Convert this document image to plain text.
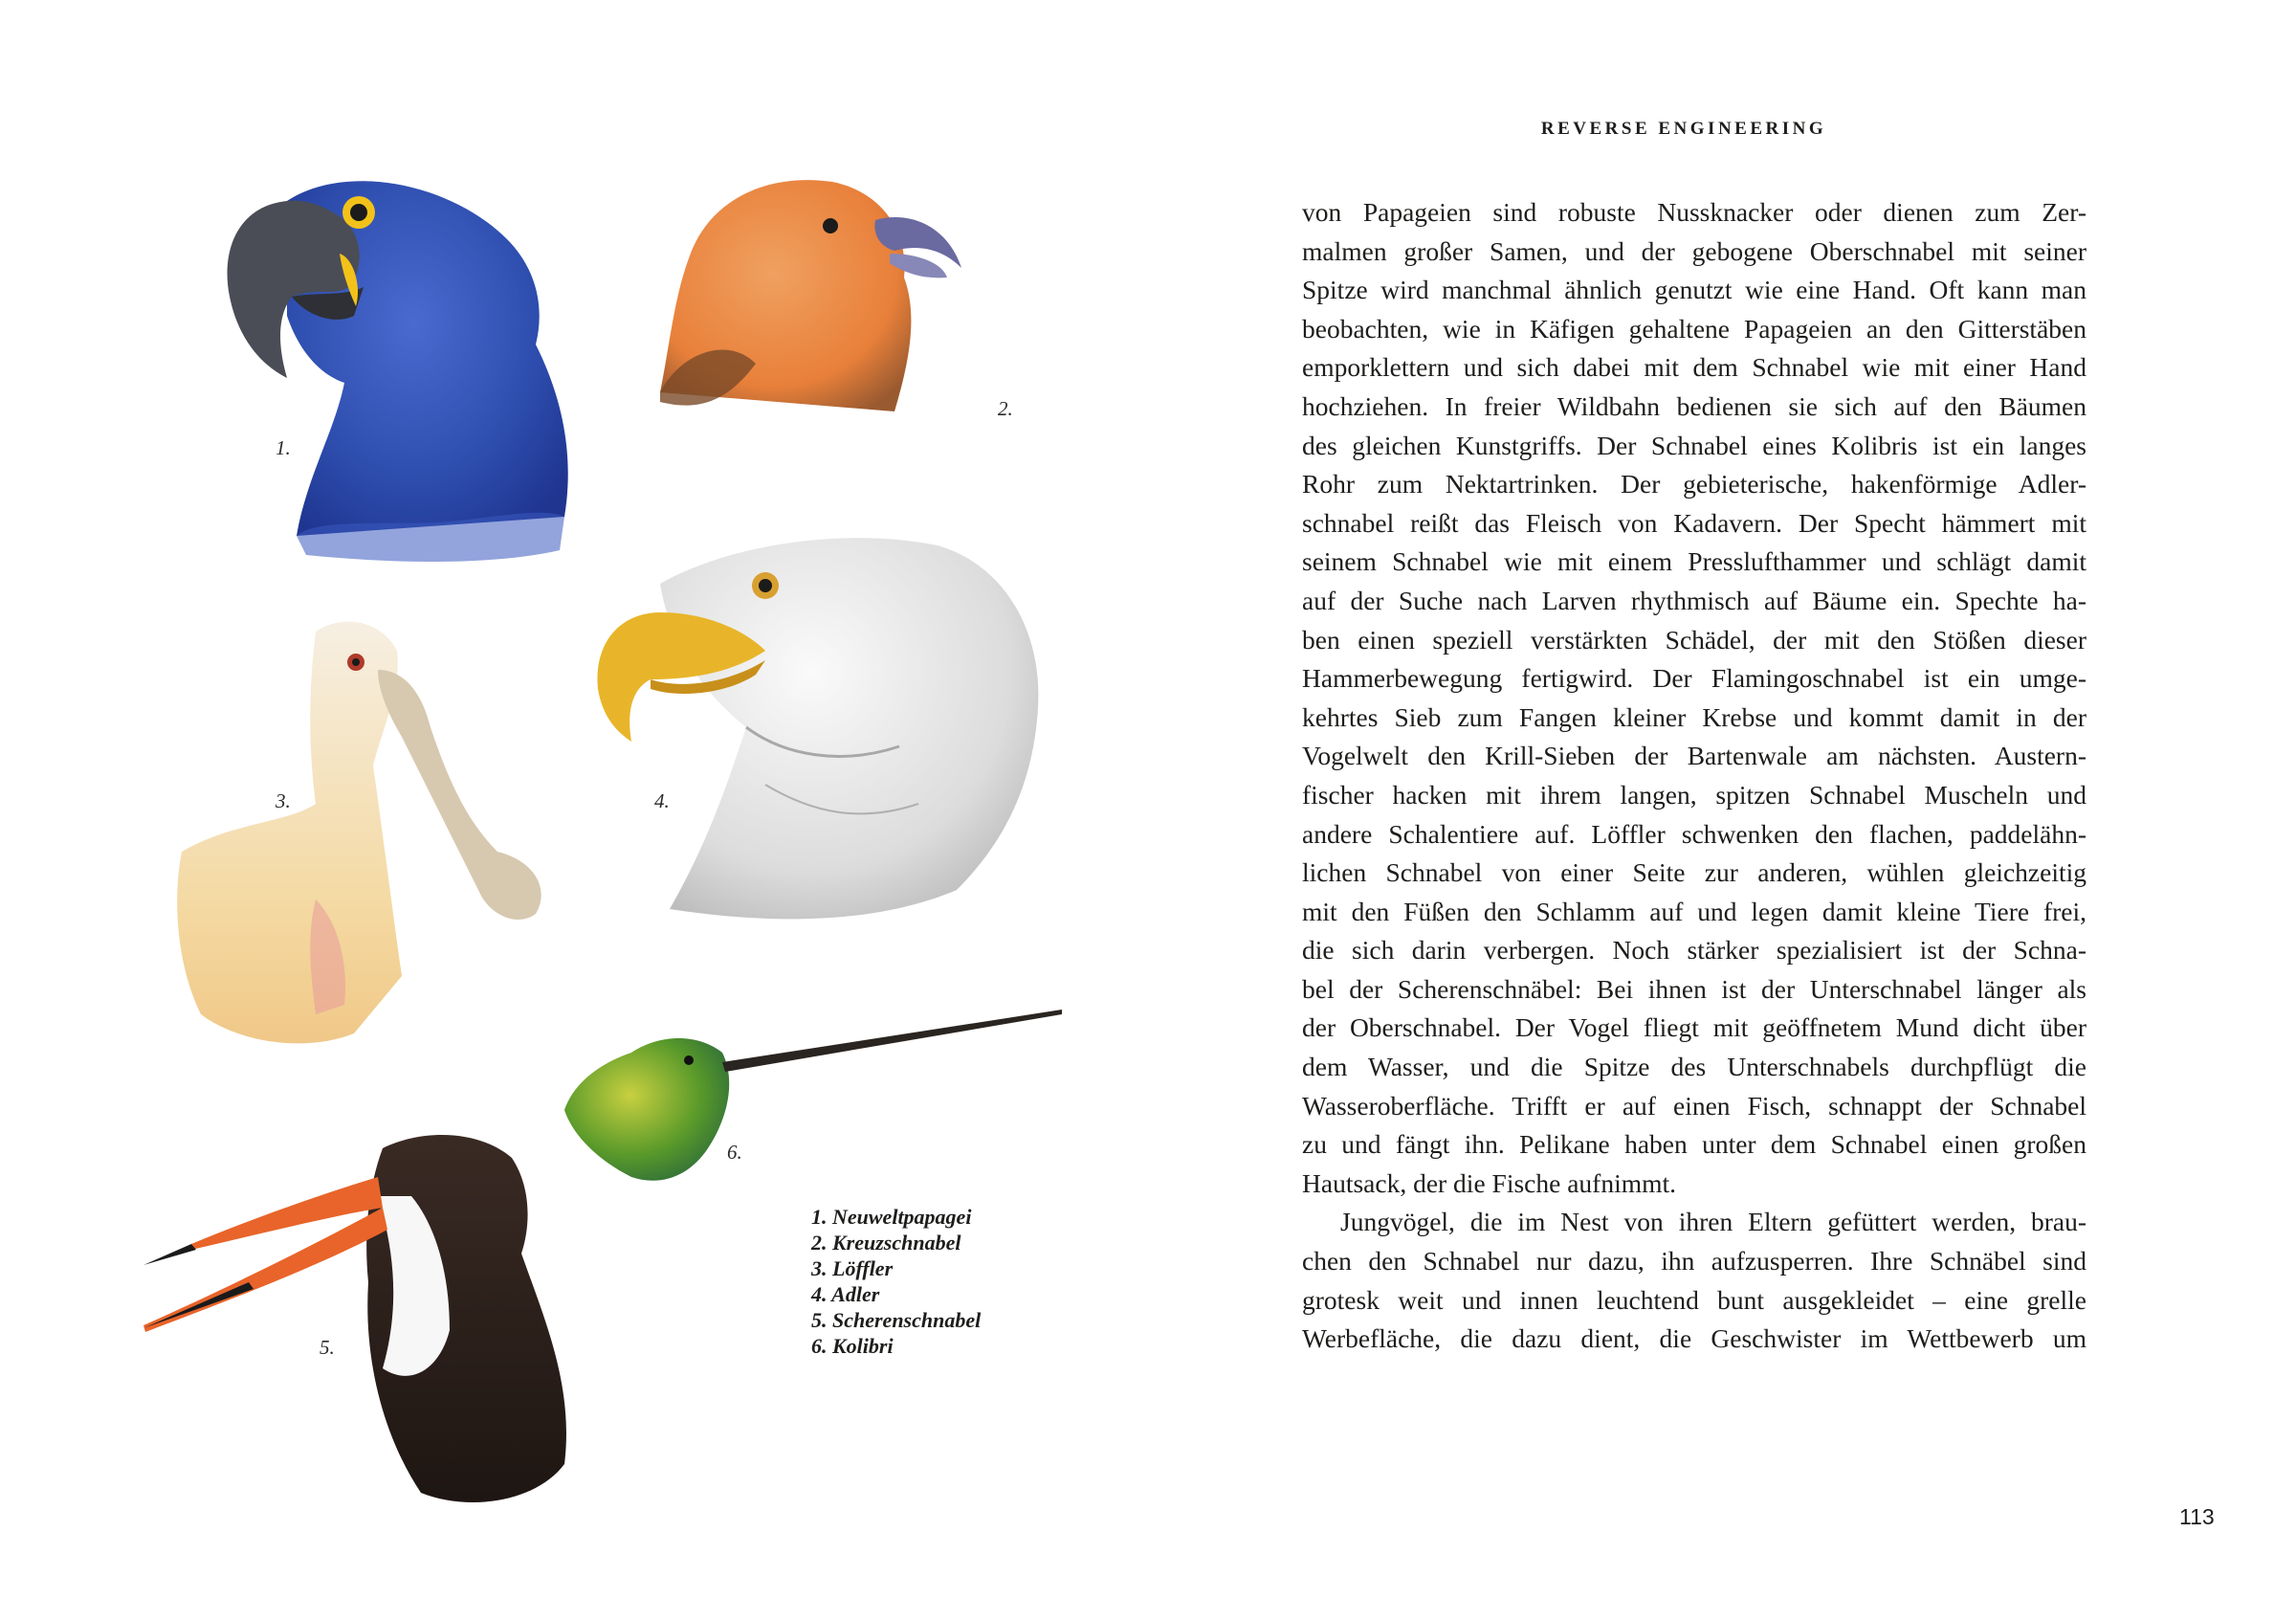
1.
2.
3.	4.
5.
6.
1. Neuweltpapagei
2. Kreuzschnabel
3. Löffler
4. Adler
5. Scherenschnabel
6. Kolibri
REVERSE ENGINEERING
von Papageien sind robuste Nussknacker oder dienen zum Zer-
malmen großer Samen, und der gebogene Oberschnabel mit seiner
Spitze wird manchmal ähnlich genutzt wie eine Hand. Oft kann man
beobachten, wie in Käfigen gehaltene Papageien an den Gitterstäben
emporklettern und sich dabei mit dem Schnabel wie mit einer Hand
hochziehen. In freier Wildbahn bedienen sie sich auf den Bäumen
des gleichen Kunstgriffs. Der Schnabel eines Kolibris ist ein langes
Rohr zum Nektartrinken. Der gebieterische, hakenförmige Adler-
schnabel reißt das Fleisch von Kadavern. Der Specht hämmert mit
seinem Schnabel wie mit einem Presslufthammer und schlägt damit
auf der Suche nach Larven rhythmisch auf Bäume ein. Spechte ha-
ben einen speziell verstärkten Schädel, der mit den Stößen dieser
Hammerbewegung fertigwird. Der Flamingoschnabel ist ein umge-
kehrtes Sieb zum Fangen kleiner Krebse und kommt damit in der
Vogelwelt den Krill-Sieben der Bartenwale am nächsten. Austern-
fischer hacken mit ihrem langen, spitzen Schnabel Muscheln und
andere Schalentiere auf. Löffler schwenken den flachen, paddelähn-
lichen Schnabel von einer Seite zur anderen, wühlen gleichzeitig
mit den Füßen den Schlamm auf und legen damit kleine Tiere frei,
die sich darin verbergen. Noch stärker spezialisiert ist der Schna-
bel der Scherenschnäbel: Bei ihnen ist der Unterschnabel länger als
der Oberschnabel. Der Vogel fliegt mit geöffnetem Mund dicht über
dem Wasser, und die Spitze des Unterschnabels durchpflügt die
Wasseroberfläche. Trifft er auf einen Fisch, schnappt der Schnabel
zu und fängt ihn. Pelikane haben unter dem Schnabel einen großen
Hautsack, der die Fische aufnimmt.
Jungvögel, die im Nest von ihren Eltern gefüttert werden, brau-
chen den Schnabel nur dazu, ihn aufzusperren. Ihre Schnäbel sind
grotesk weit und innen leuchtend bunt ausgekleidet – eine grelle
Werbefläche, die dazu dient, die Geschwister im Wettbewerb um
113
